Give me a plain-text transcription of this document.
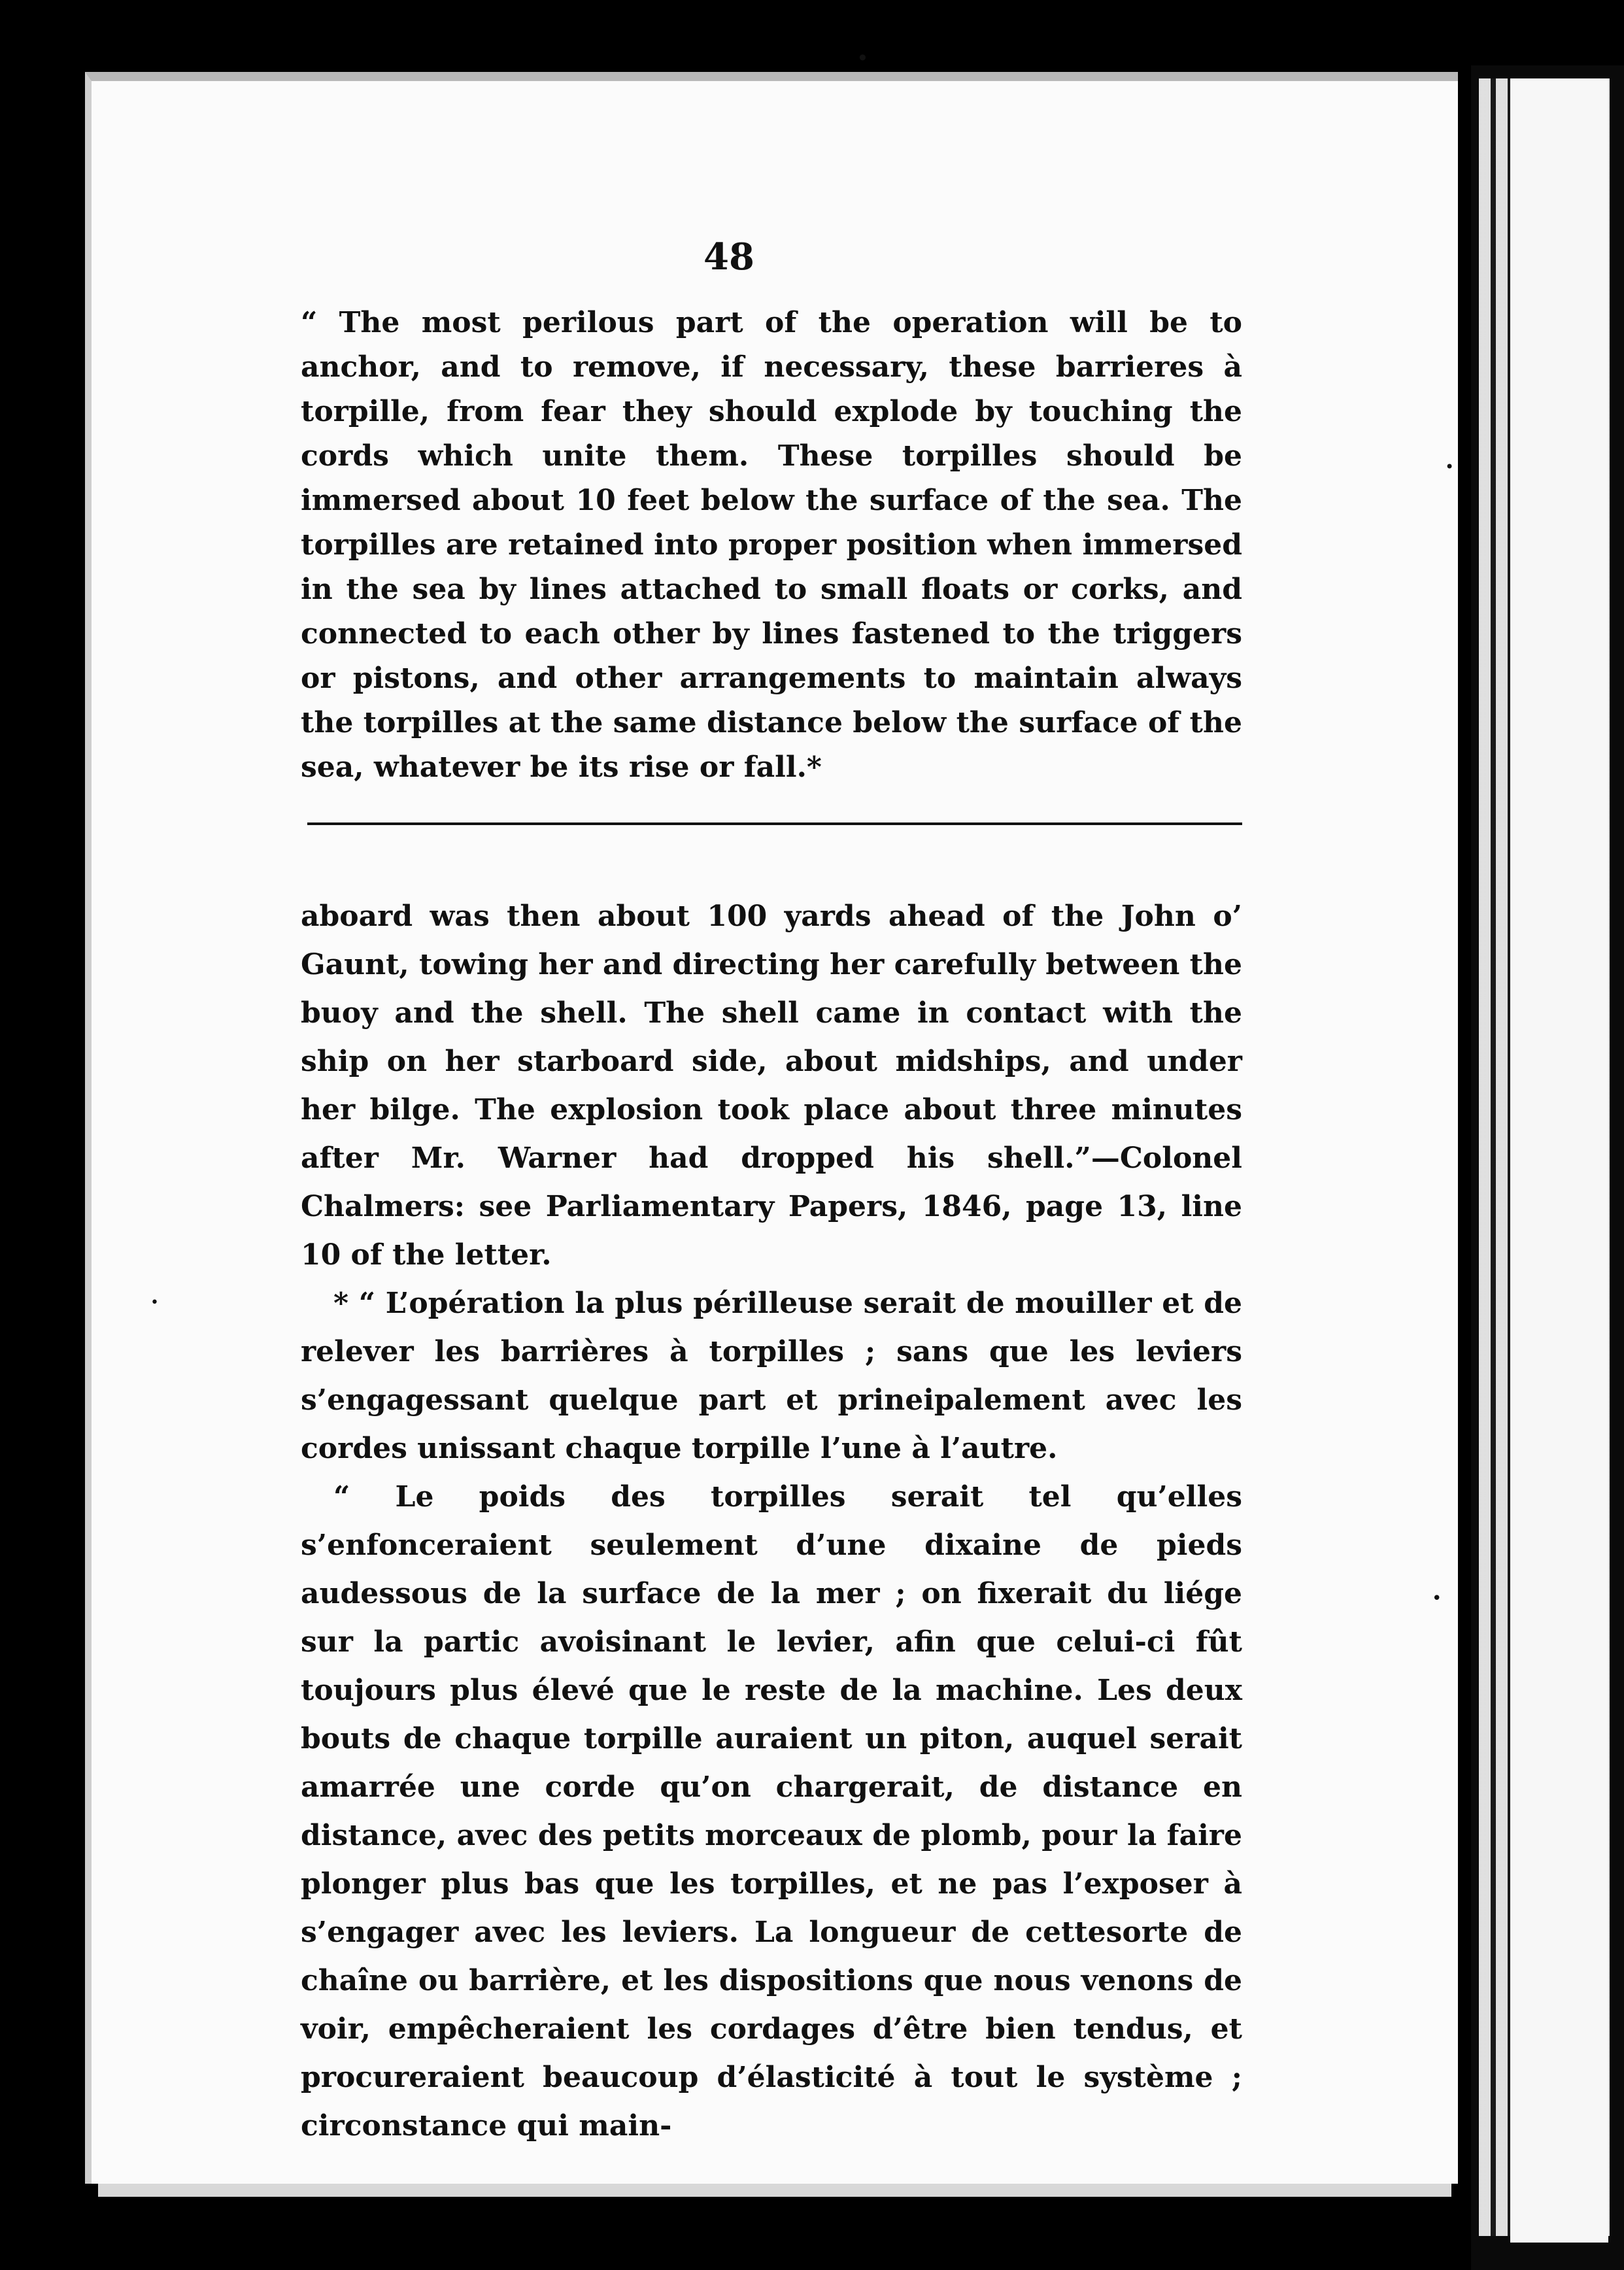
48

“ The most perilous part of the operation will be to anchor, and to remove, if necessary, these barrieres à torpille, from fear they should explode by touching the cords which unite them. These torpilles should be immersed about 10 feet below the surface of the sea. The torpilles are retained into proper position when immersed in the sea by lines attached to small floats or corks, and connected to each other by lines fastened to the triggers or pistons, and other arrangements to maintain always the torpilles at the same distance below the surface of the sea, whatever be its rise or fall.*

aboard was then about 100 yards ahead of the John o’ Gaunt, towing her and directing her carefully between the buoy and the shell. The shell came in contact with the ship on her starboard side, about midships, and under her bilge. The explosion took place about three minutes after Mr. Warner had dropped his shell.”—Colonel Chalmers: see Parliamentary Papers, 1846, page 13, line 10 of the letter.

* “ L’opération la plus périlleuse serait de mouiller et de relever les barrières à torpilles ; sans que les leviers s’engagessant quelque part et prineipalement avec les cordes unissant chaque torpille l’une à l’autre.

“ Le poids des torpilles serait tel qu’elles s’enfonceraient seulement d’une dixaine de pieds audessous de la surface de la mer ; on fixerait du liége sur la partic avoisinant le levier, afin que celui-ci fût toujours plus élevé que le reste de la machine. Les deux bouts de chaque torpille auraient un piton, auquel serait amarrée une corde qu’on chargerait, de distance en distance, avec des petits morceaux de plomb, pour la faire plonger plus bas que les torpilles, et ne pas l’exposer à s’engager avec les leviers. La longueur de cettesorte de chaîne ou barrière, et les dispositions que nous venons de voir, empêcheraient les cordages d’être bien tendus, et procureraient beaucoup d’élasticité à tout le système ; circonstance qui main-

•
•
•
•
